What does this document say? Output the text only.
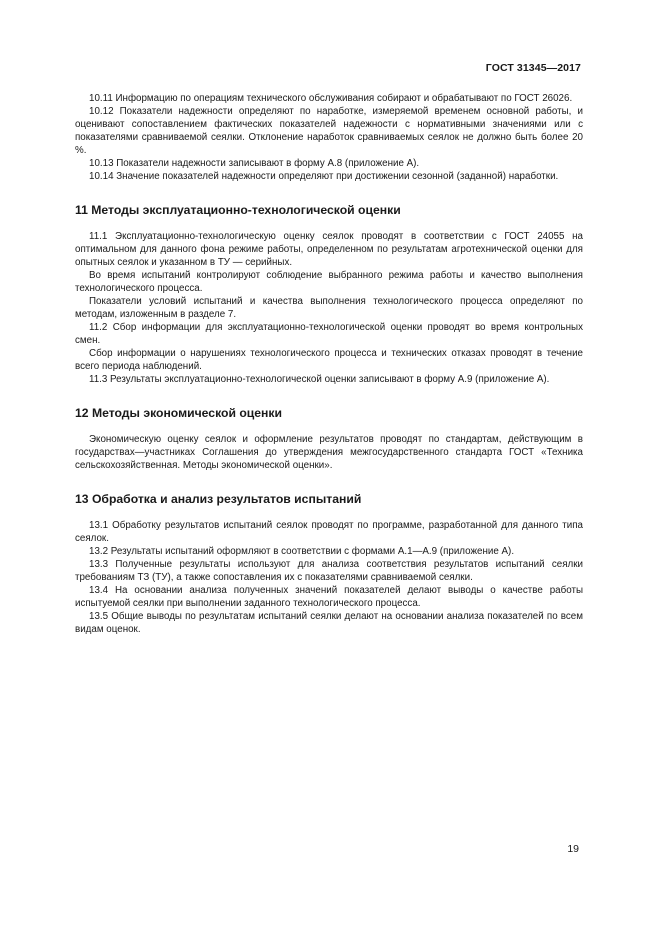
ГОСТ 31345—2017

10.11 Информацию по операциям технического обслуживания собирают и обрабатывают по ГОСТ 26026.

10.12 Показатели надежности определяют по наработке, измеряемой временем основной работы, и оценивают сопоставлением фактических показателей надежности с нормативными значениями или с показателями сравниваемой сеялки. Отклонение наработок сравниваемых сеялок не должно быть более 20 %.

10.13 Показатели надежности записывают в форму А.8 (приложение А).

10.14 Значение показателей надежности определяют при достижении сезонной (заданной) наработки.

11 Методы эксплуатационно-технологической оценки

11.1 Эксплуатационно-технологическую оценку сеялок проводят в соответствии с ГОСТ 24055 на оптимальном для данного фона режиме работы, определенном по результатам агротехнической оценки для опытных сеялок и указанном в ТУ — серийных.

Во время испытаний контролируют соблюдение выбранного режима работы и качество выполнения технологического процесса.

Показатели условий испытаний и качества выполнения технологического процесса определяют по методам, изложенным в разделе 7.

11.2 Сбор информации для эксплуатационно-технологической оценки проводят во время контрольных смен.

Сбор информации о нарушениях технологического процесса и технических отказах проводят в течение всего периода наблюдений.

11.3 Результаты эксплуатационно-технологической оценки записывают в форму А.9 (приложение А).

12 Методы экономической оценки

Экономическую оценку сеялок и оформление результатов проводят по стандартам, действующим в государствах—участниках Соглашения до утверждения межгосударственного стандарта ГОСТ «Техника сельскохозяйственная. Методы экономической оценки».

13 Обработка и анализ результатов испытаний

13.1 Обработку результатов испытаний сеялок проводят по программе, разработанной для данного типа сеялок.

13.2 Результаты испытаний оформляют в соответствии с формами А.1—А.9 (приложение А).

13.3 Полученные результаты используют для анализа соответствия результатов испытаний сеялки требованиям ТЗ (ТУ), а также сопоставления их с показателями сравниваемой сеялки.

13.4 На основании анализа полученных значений показателей делают выводы о качестве работы испытуемой сеялки при выполнении заданного технологического процесса.

13.5 Общие выводы по результатам испытаний сеялки делают на основании анализа показателей по всем видам оценок.

19
